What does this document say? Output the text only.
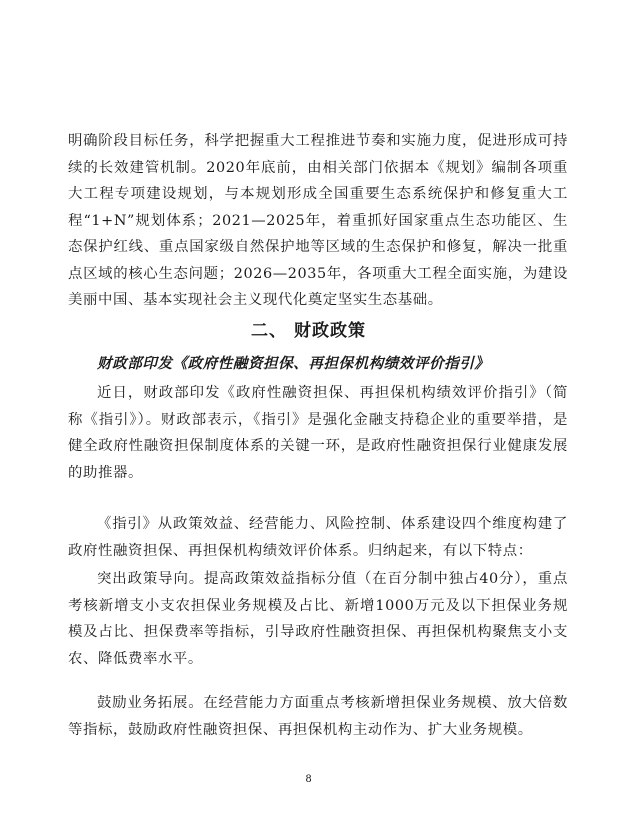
明确阶段目标任务，科学把握重大工程推进节奏和实施力度，促进形成可持续的长效建管机制。2020年底前，由相关部门依据本《规划》编制各项重大工程专项建设规划，与本规划形成全国重要生态系统保护和修复重大工程“1+N”规划体系；2021—2025年，着重抓好国家重点生态功能区、生态保护红线、重点国家级自然保护地等区域的生态保护和修复，解决一批重点区域的核心生态问题；2026—2035年，各项重大工程全面实施，为建设美丽中国、基本实现社会主义现代化奠定坚实生态基础。

二、 财政政策
财政部印发《政府性融资担保、再担保机构绩效评价指引》

近日，财政部印发《政府性融资担保、再担保机构绩效评价指引》（简称《指引》）。财政部表示，《指引》是强化金融支持稳企业的重要举措，是健全政府性融资担保制度体系的关键一环，是政府性融资担保行业健康发展的助推器。

《指引》从政策效益、经营能力、风险控制、体系建设四个维度构建了政府性融资担保、再担保机构绩效评价体系。归纳起来，有以下特点：

突出政策导向。提高政策效益指标分值（在百分制中独占40分），重点考核新增支小支农担保业务规模及占比、新增1000万元及以下担保业务规模及占比、担保费率等指标，引导政府性融资担保、再担保机构聚焦支小支农、降低费率水平。

鼓励业务拓展。在经营能力方面重点考核新增担保业务规模、放大倍数等指标，鼓励政府性融资担保、再担保机构主动作为、扩大业务规模。

8
